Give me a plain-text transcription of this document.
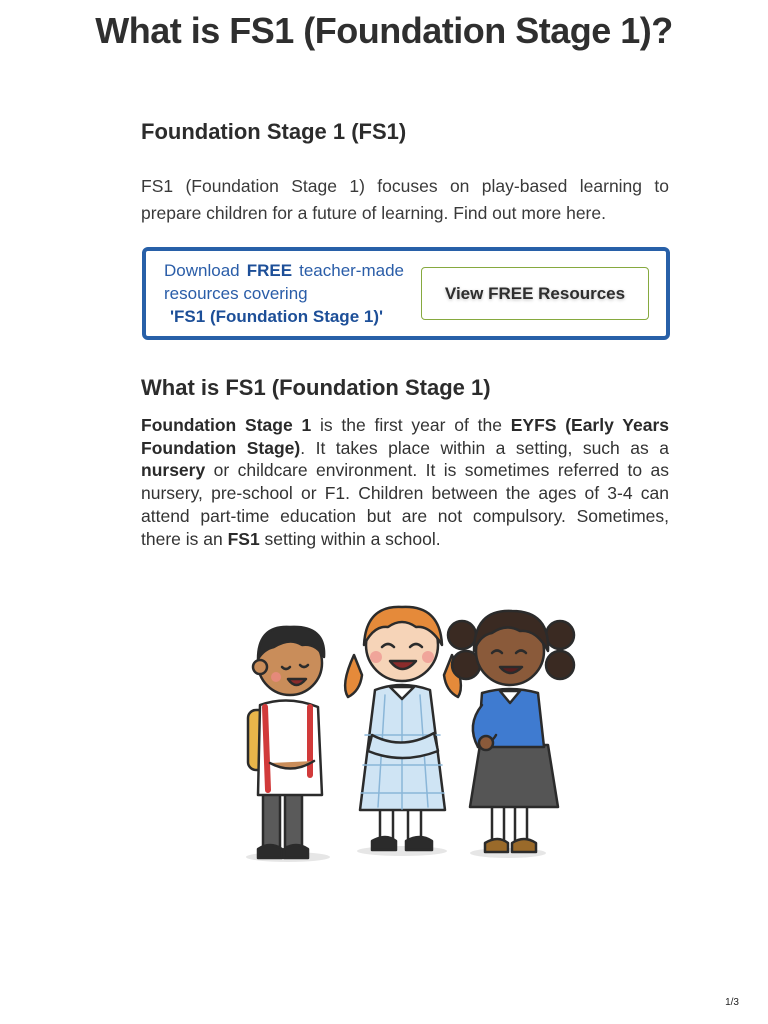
What is FS1 (Foundation Stage 1)?
Foundation Stage 1 (FS1)

FS1 (Foundation Stage 1) focuses on play-based learning to prepare children for a future of learning. Find out more here.

Download FREE teacher-made resources covering
'FS1 (Foundation Stage 1)'
View FREE Resources
What is FS1 (Foundation Stage 1)

Foundation Stage 1 is the first year of the EYFS (Early Years Foundation Stage). It takes place within a setting, such as a nursery or childcare environment. It is sometimes referred to as nursery, pre-school or F1. Children between the ages of 3-4 can attend part-time education but are not compulsory. Sometimes, there is an FS1 setting within a school.

1/3
